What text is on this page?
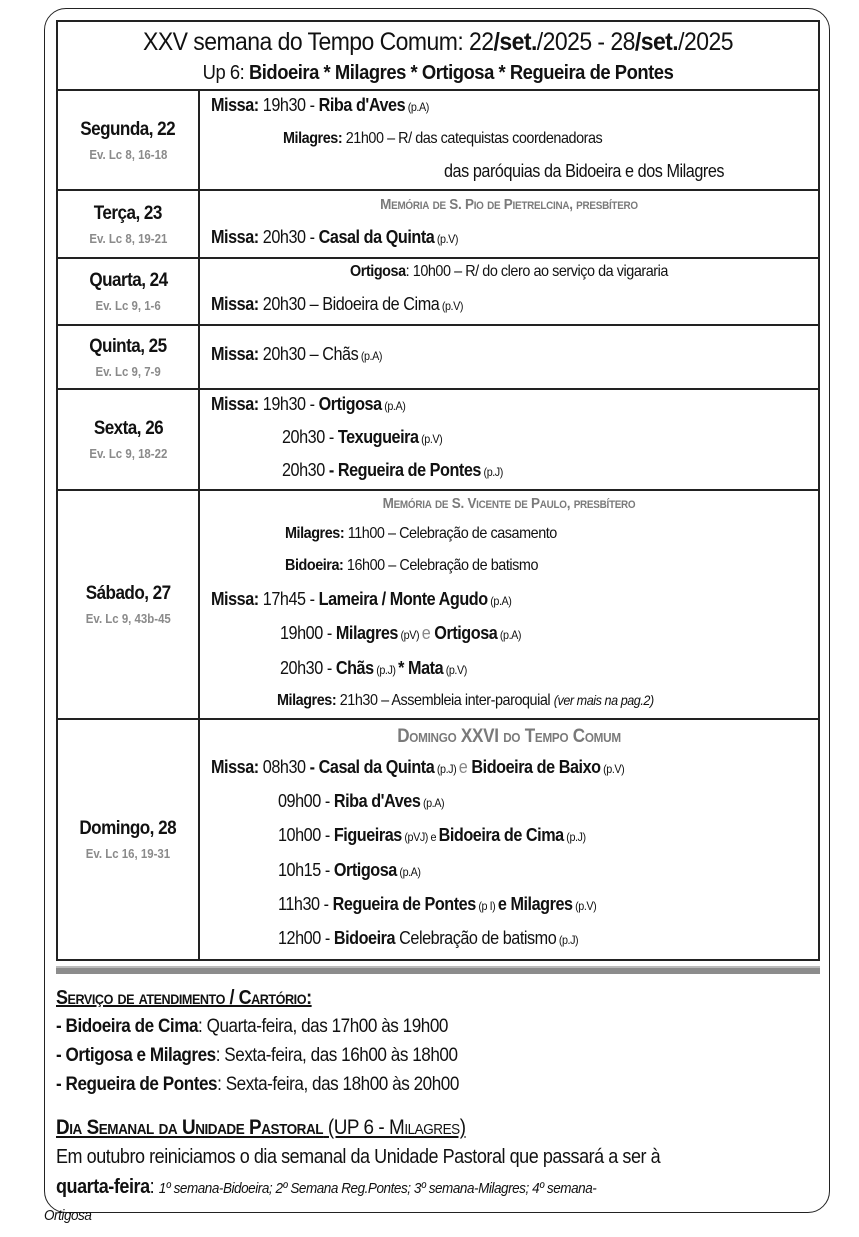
XXV semana do Tempo Comum: 22/set./2025 - 28/set./2025
Up 6: Bidoeira * Milagres * Ortigosa * Regueira de Pontes
Segunda, 22
Ev. Lc 8, 16-18
Missa: 19h30 - Riba d'Aves (p.A)
Milagres: 21h00 – R/ das catequistas coordenadoras
das paróquias da Bidoeira e dos Milagres
Terça, 23
Ev. Lc 8, 19-21
Memória de S. Pio de Pietrelcina, presbítero
Missa: 20h30 - Casal da Quinta (p.V)
Quarta, 24
Ev. Lc 9, 1-6
Ortigosa: 10h00 – R/ do clero ao serviço da vigararia
Missa: 20h30 – Bidoeira de Cima (p.V)
Quinta, 25
Ev. Lc 9, 7-9
Missa: 20h30 – Chãs (p.A)
Sexta, 26
Ev. Lc 9, 18-22
Missa: 19h30 - Ortigosa (p.A)
20h30 - Texugueira (p.V)
20h30 - Regueira de Pontes (p.J)
Sábado, 27
Ev. Lc 9, 43b-45
Memória de S. Vicente de Paulo, presbítero
Milagres: 11h00 – Celebração de casamento
Bidoeira: 16h00 – Celebração de batismo
Missa: 17h45 - Lameira / Monte Agudo (p.A)
19h00 - Milagres (pV) e Ortigosa (p.A)
20h30 - Chãs (p.J) * Mata (p.V)
Milagres: 21h30 – Assembleia inter-paroquial (ver mais na pag.2)
Domingo, 28
Ev. Lc 16, 19-31
Domingo XXVI do Tempo Comum
Missa: 08h30 - Casal da Quinta (p.J) e Bidoeira de Baixo (p.V)
09h00 - Riba d'Aves (p.A)
10h00 - Figueiras (pVJ) e Bidoeira de Cima (p.J)
10h15 - Ortigosa (p.A)
11h30 - Regueira de Pontes (p I) e Milagres (p.V)
12h00 - Bidoeira Celebração de batismo (p.J)
Serviço de atendimento / Cartório:
- Bidoeira de Cima: Quarta-feira, das 17h00 às 19h00
- Ortigosa e Milagres: Sexta-feira, das 16h00 às 18h00
- Regueira de Pontes: Sexta-feira, das 18h00 às 20h00
Dia Semanal da Unidade Pastoral (UP 6 - Milagres)
Em outubro reiniciamos o dia semanal da Unidade Pastoral que passará a ser à
quarta-feira: 1º semana-Bidoeira; 2º Semana Reg.Pontes; 3º semana-Milagres; 4º semana-
Ortigosa
